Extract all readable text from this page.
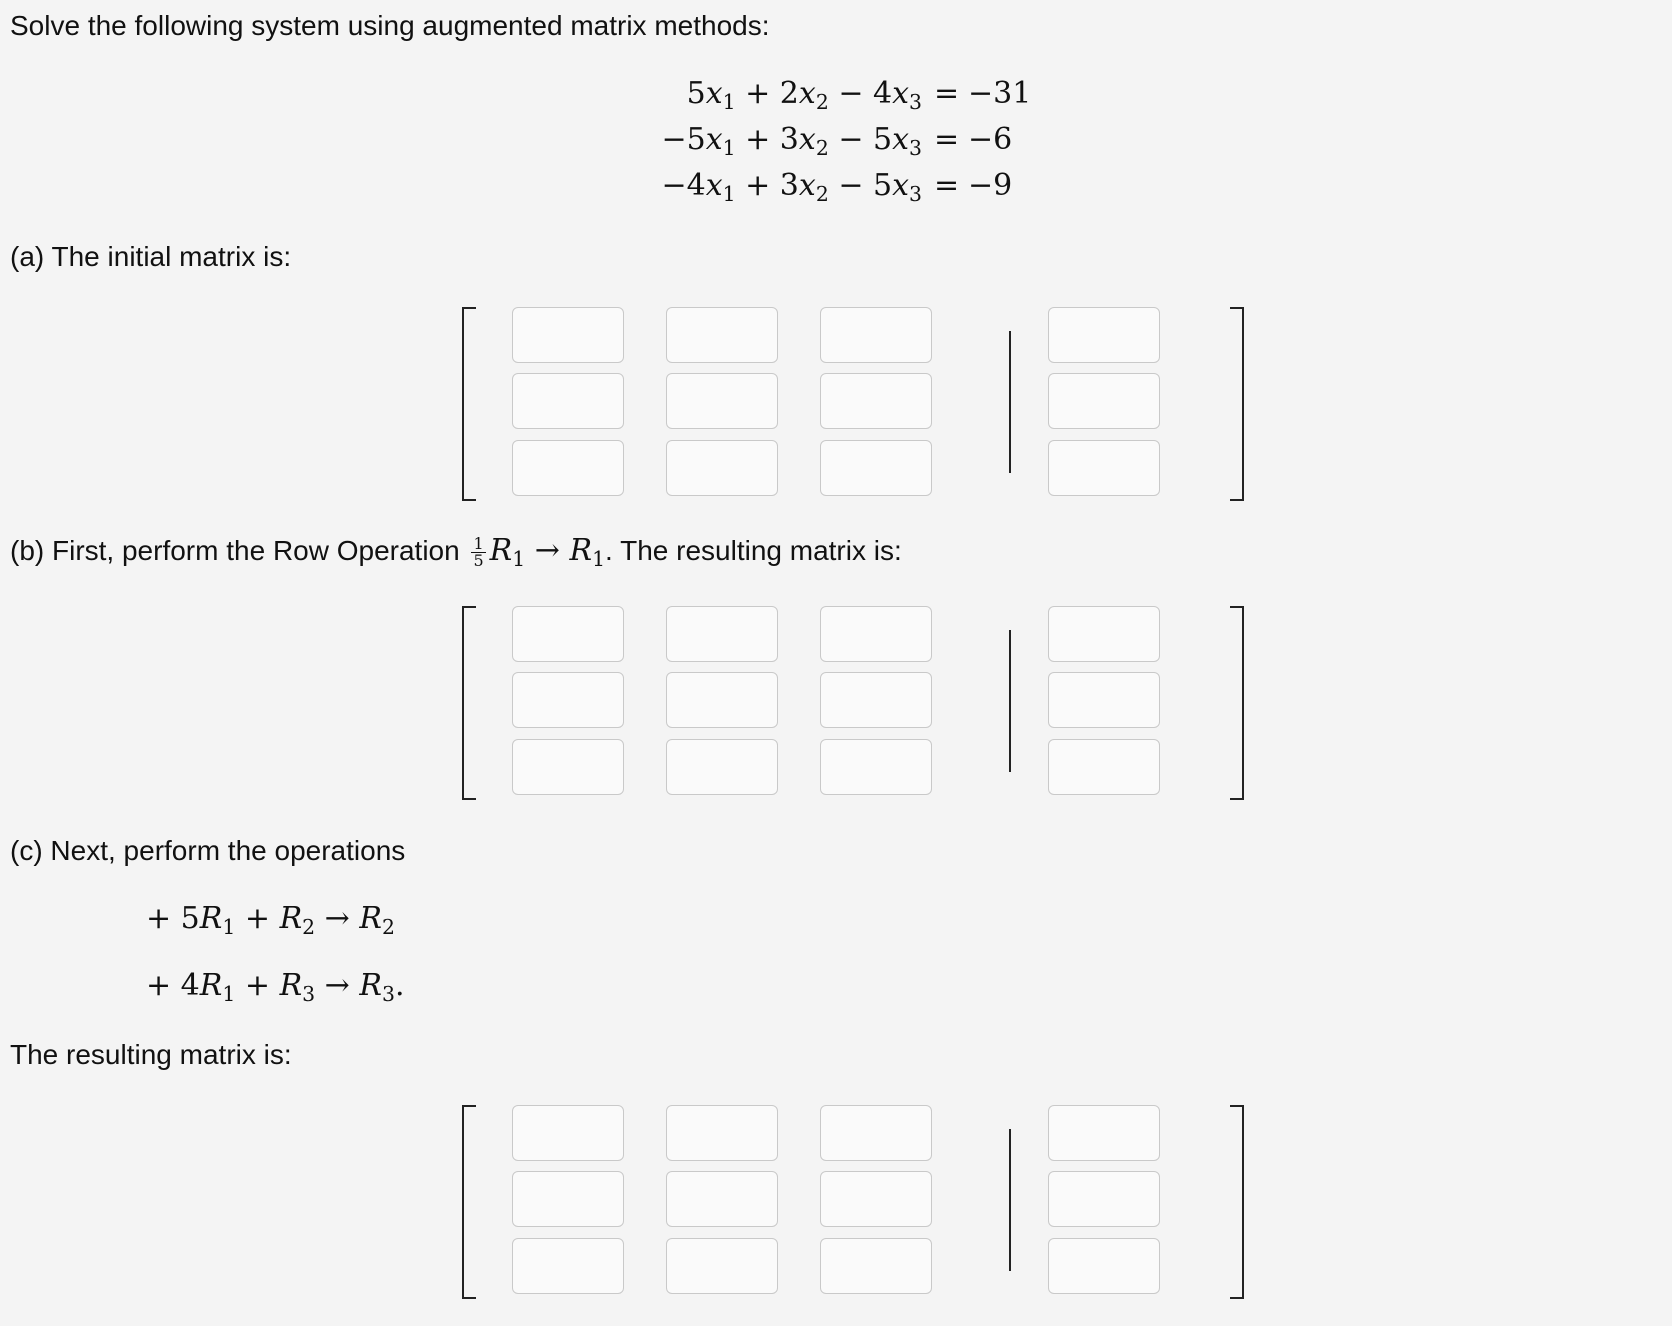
Solve the following system using augmented matrix methods:
$5x_1 + 2x_2 - 4x_3 = -31$
$-5x_1 + 3x_2 - 5x_3 = -6$
$-4x_1 + 3x_2 - 5x_3 = -9$
(a) The initial matrix is:
(b) First, perform the Row Operation $\frac{1}{5} R_1 \to R_1$. The resulting matrix is:
(c) Next, perform the operations
+ $5R_1 + R_2 \to R_2$
+ $4R_1 + R_3 \to R_3$.
The resulting matrix is:
